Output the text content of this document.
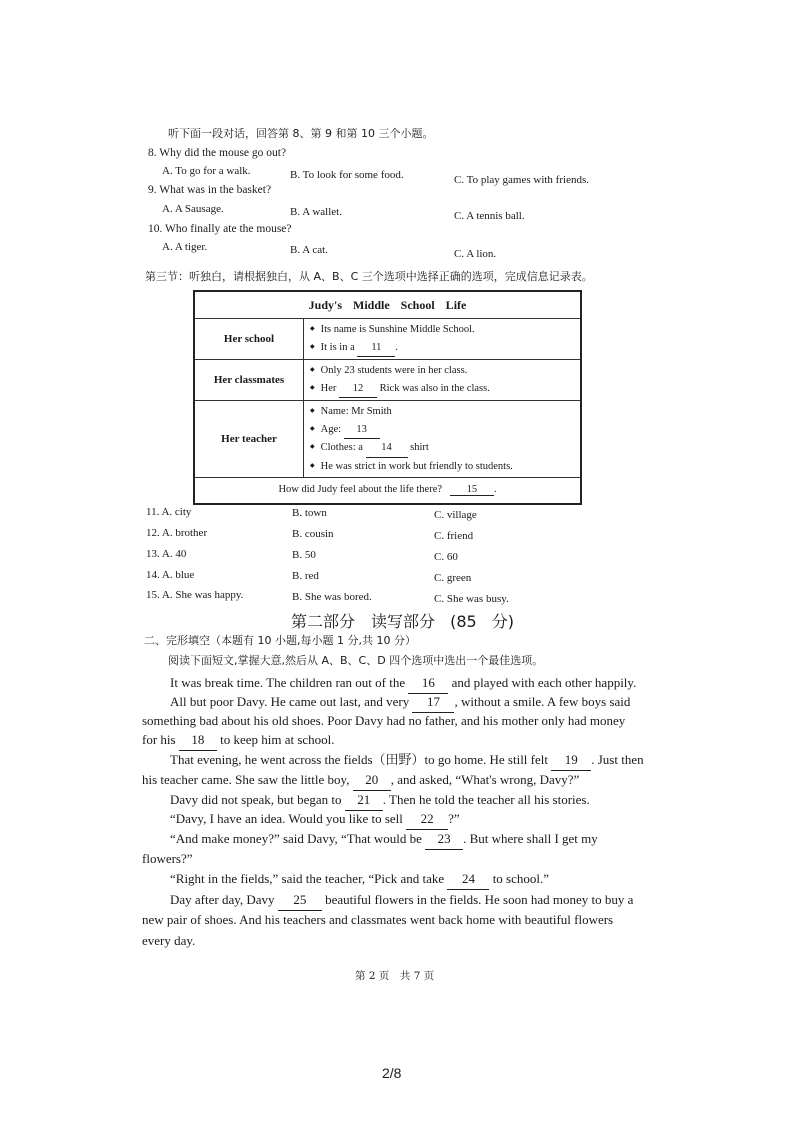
听下面一段对话，回答第 8、第 9 和第 10 三个小题。
8. Why did the mouse go out?
A. To go for a walk.	B. To look for some food.	C. To play games with friends.
9. What was in the basket?
A. A Sausage.	B. A wallet.	C. A tennis ball.
10. Who finally ate the mouse?
A. A tiger.	B. A cat.	C. A lion.
第三节：听独白，请根据独白，从 A、B、C 三个选项中选择正确的选项，完成信息记录表。
Judy's Middle School Life	
Her school	◆ Its name is Sunshine Middle School.
◆ It is in a 11 .

Her classmates	◆ Only 23 students were in her class.
◆ Her 12 Rick was also in the class.

Her teacher	◆ Name: Mr Smith
◆ Age: 13
◆ Clothes: a 14 shirt
◆ He was strict in work but friendly to students.

How did Judy feel about the life there? 15 .	
11. A. city	B. town	C. village
12. A. brother	B. cousin	C. friend
13. A. 40	B. 50	C. 60
14. A. blue	B. red	C. green
15. A. She was happy.	B. She was bored.	C. She was busy.
第二部分　读写部分 (85 分)
二、完形填空（本题有 10 小题,每小题 1 分,共 10 分）
阅读下面短文,掌握大意,然后从 A、B、C、D 四个选项中选出一个最佳选项。
It was break time. The children ran out of the 16 and played with each other happily.
All but poor Davy. He came out last, and very 17 , without a smile. A few boys said
something bad about his old shoes. Poor Davy had no father, and his mother only had money
for his 18 to keep him at school.
That evening, he went across the fields（田野）to go home. He still felt 19 . Just then
his teacher came. She saw the little boy, 20 , and asked, “What's wrong, Davy?”
Davy did not speak, but began to 21 . Then he told the teacher all his stories.
“Davy, I have an idea. Would you like to sell 22 ?”
“And make money?” said Davy, “That would be 23 . But where shall I get my
flowers?”
“Right in the fields,” said the teacher, “Pick and take 24 to school.”
Day after day, Davy 25 beautiful flowers in the fields. He soon had money to buy a
new pair of shoes. And his teachers and classmates went back home with beautiful flowers
every day.
第 2 页　共 7 页
2/8
